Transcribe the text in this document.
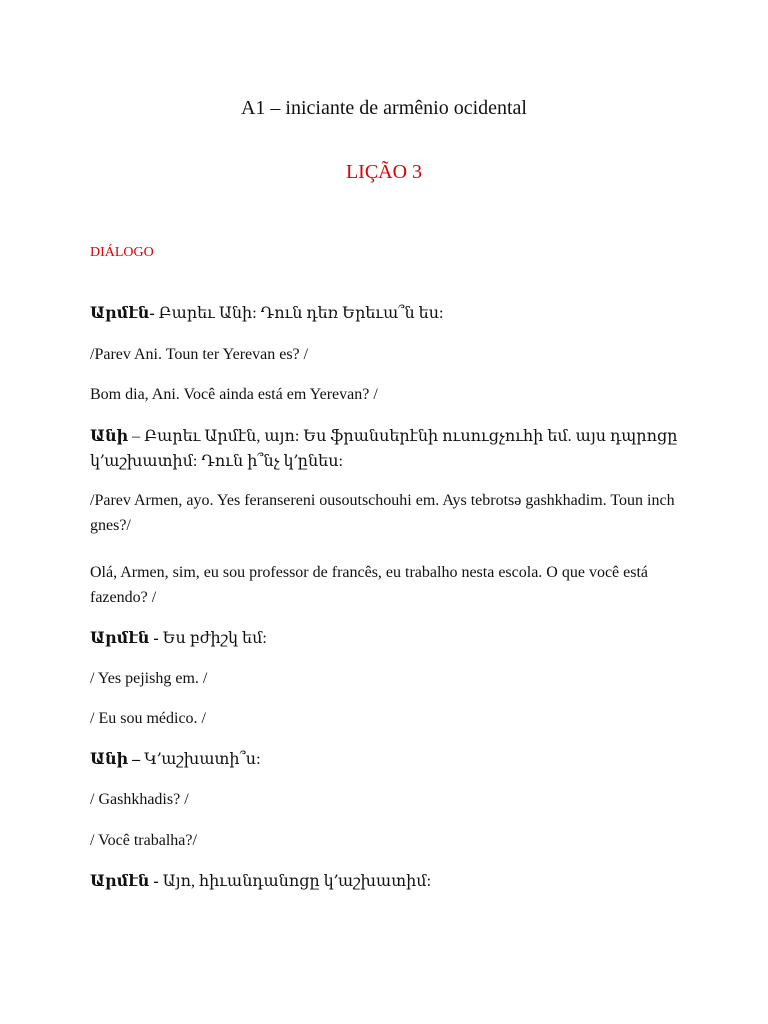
A1 – iniciante de armênio ocidental
LIÇÃO 3
DIÁLOGO
Արմէն- Բարեւ Անի: Դուն դեռ Երեւա՞ն ես:
/Parev Ani. Toun ter Yerevan es? /
Bom dia, Ani. Você ainda está em Yerevan? /
Անի – Բարեւ Արմէն, այո: Ես ֆրանսերէնի ուսուցչուհի եմ. այս դպրոցը կ՚աշխատիմ: Դուն ի՞նչ կ՚ընես:
/Parev Armen, ayo. Yes feransereni ousoutschouhi em. Ays tebrotsə gashkhadim. Toun inch gnes?/
Olá, Armen, sim, eu sou professor de francês, eu trabalho nesta escola. O que você está fazendo? /
Արմէն - Ես բժիշկ եմ:
/ Yes pejishg em. /
/ Eu sou médico. /
Անի – Կ՚աշխատի՞ս:
/ Gashkhadis? /
/ Você trabalha?/
Արմէն - Այո, հիւանդանոցը կ՚աշխատիմ:
